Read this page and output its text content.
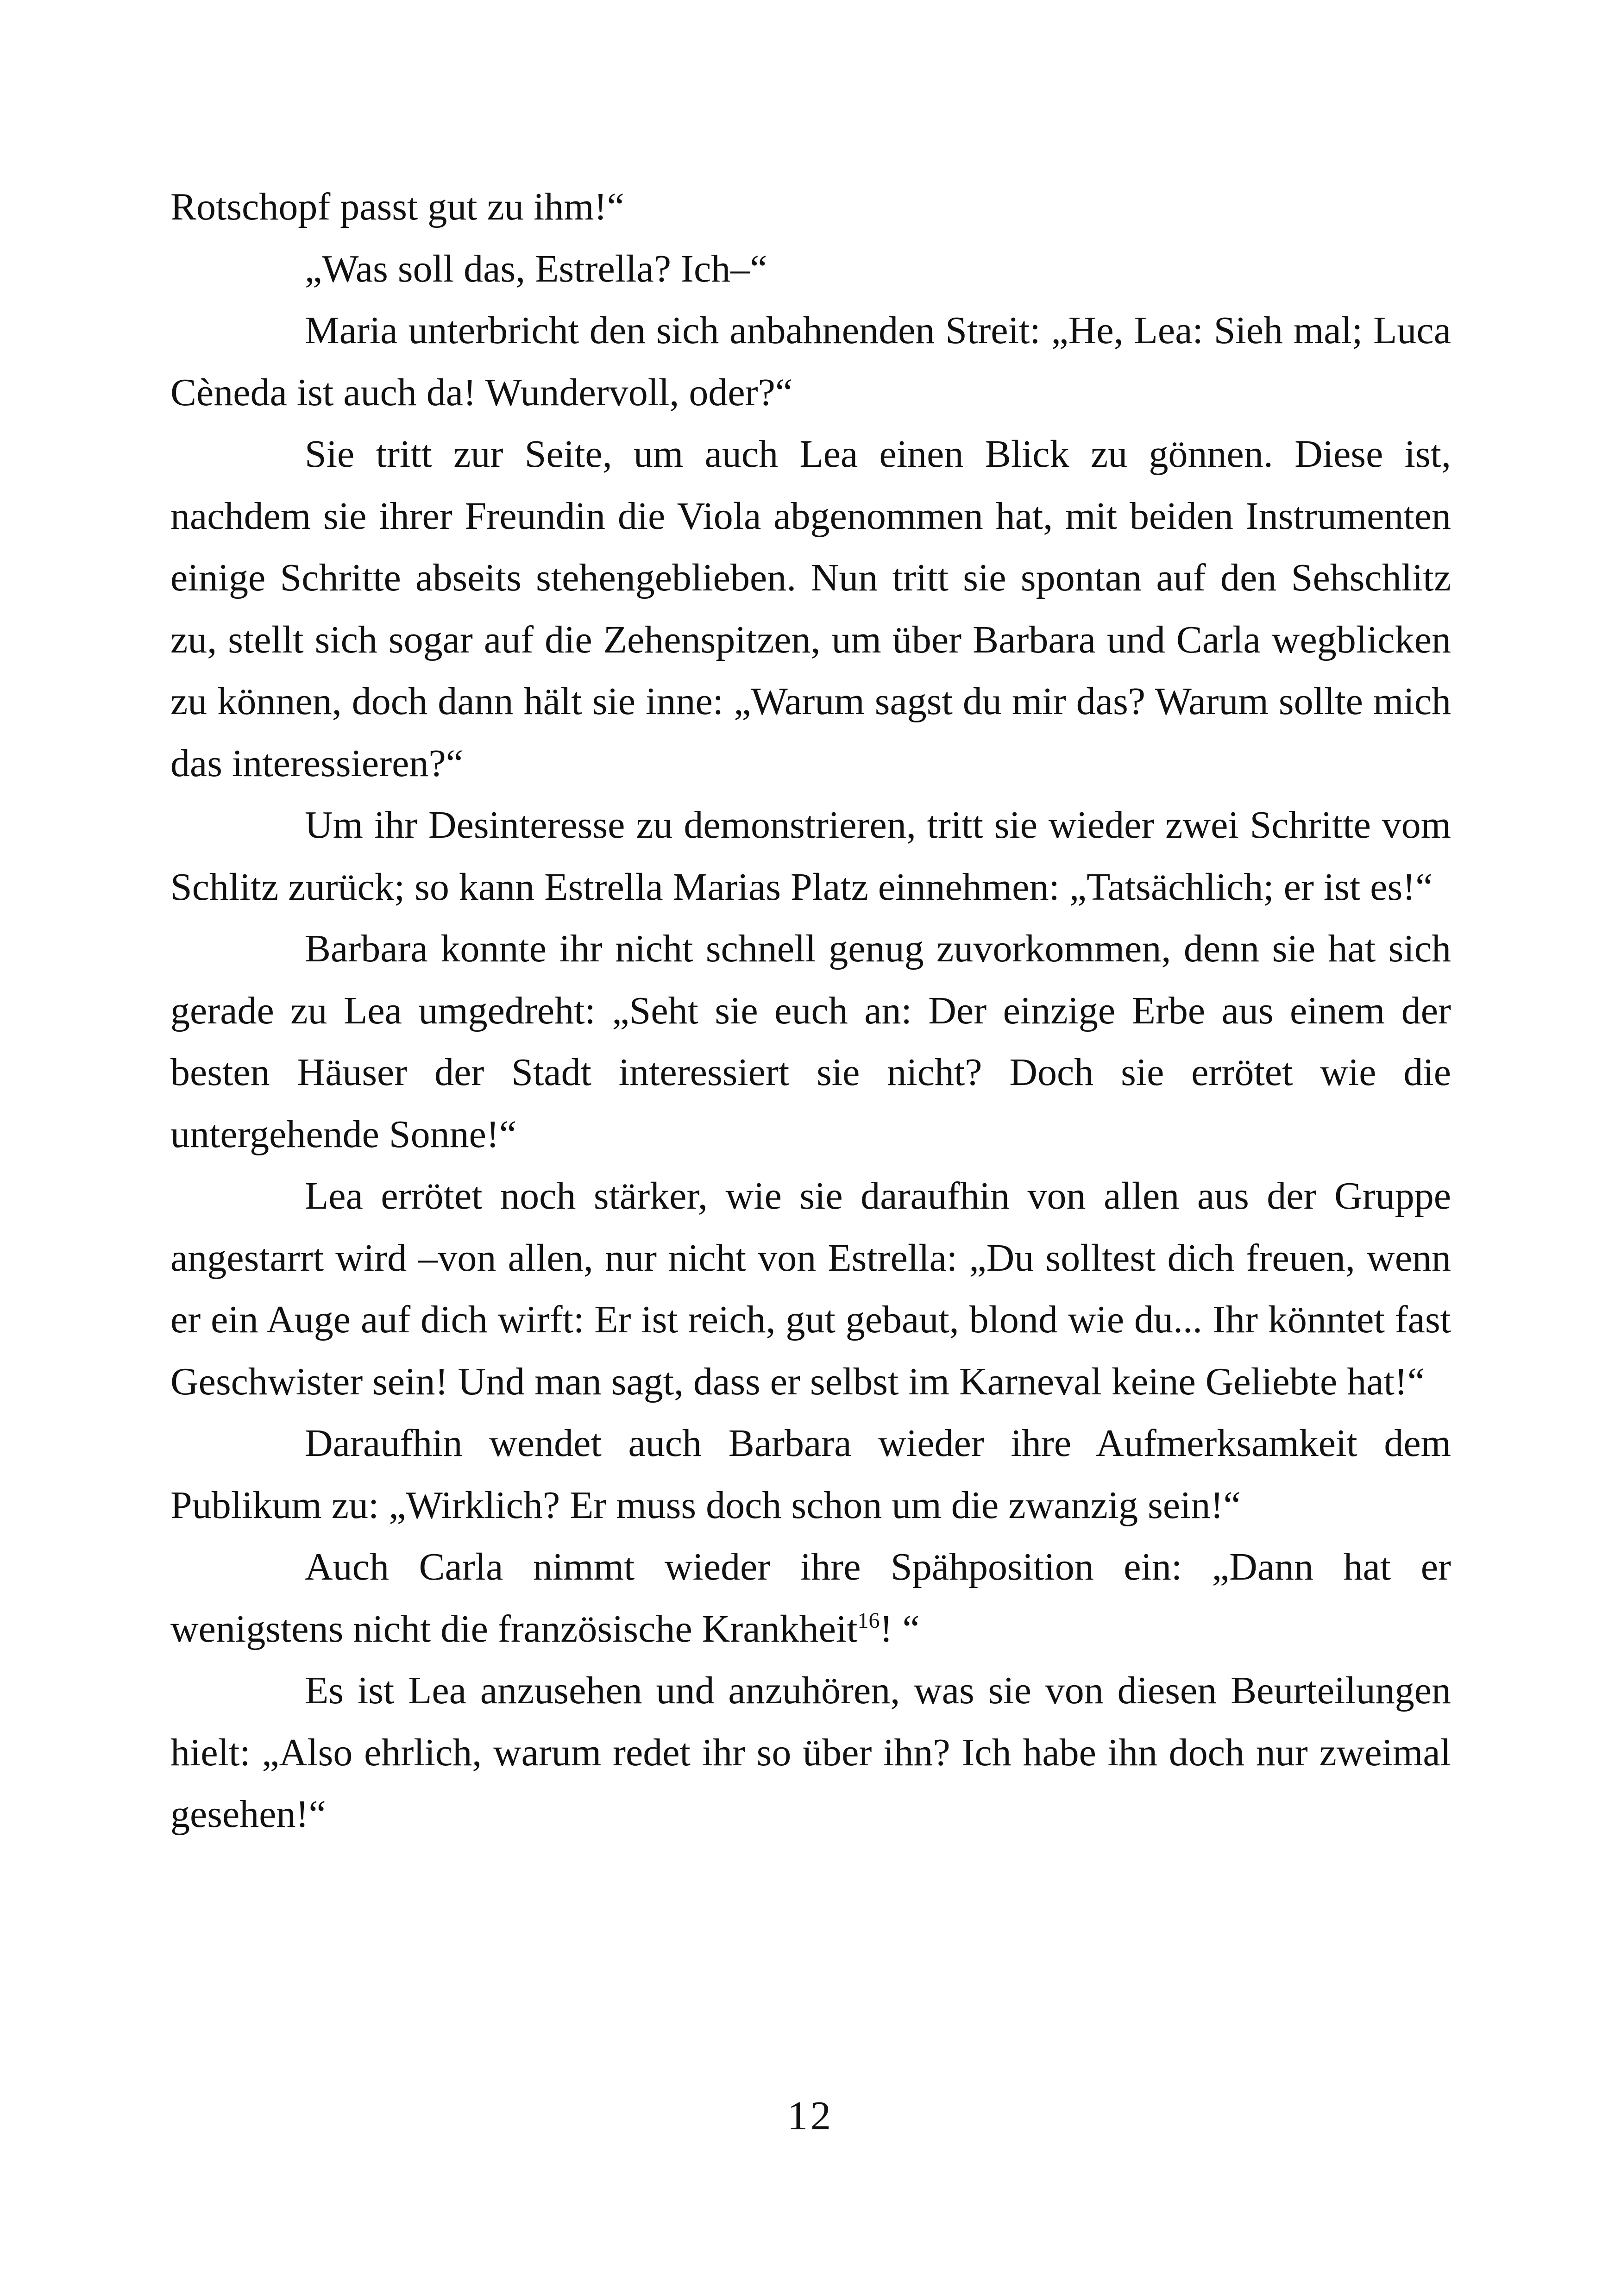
Rotschopf passt gut zu ihm!“

„Was soll das, Estrella? Ich–“

Maria unterbricht den sich anbahnenden Streit: „He, Lea: Sieh mal; Luca Cèneda ist auch da! Wundervoll, oder?“

Sie tritt zur Seite, um auch Lea einen Blick zu gönnen. Diese ist, nachdem sie ihrer Freundin die Viola abgenommen hat, mit beiden Instrumenten einige Schritte abseits stehengeblieben. Nun tritt sie spontan auf den Sehschlitz zu, stellt sich sogar auf die Zehenspitzen, um über Barbara und Carla wegblicken zu können, doch dann hält sie inne: „Warum sagst du mir das? Warum sollte mich das interessieren?“

Um ihr Desinteresse zu demonstrieren, tritt sie wieder zwei Schritte vom Schlitz zurück; so kann Estrella Marias Platz einnehmen: „Tatsächlich; er ist es!“

Barbara konnte ihr nicht schnell genug zuvorkommen, denn sie hat sich gerade zu Lea umgedreht: „Seht sie euch an: Der einzige Erbe aus einem der besten Häuser der Stadt interessiert sie nicht? Doch sie errötet wie die untergehende Sonne!“

Lea errötet noch stärker, wie sie daraufhin von allen aus der Gruppe angestarrt wird –von allen, nur nicht von Estrella: „Du solltest dich freuen, wenn er ein Auge auf dich wirft: Er ist reich, gut gebaut, blond wie du... Ihr könntet fast Geschwister sein! Und man sagt, dass er selbst im Karneval keine Geliebte hat!“

Daraufhin wendet auch Barbara wieder ihre Aufmerksamkeit dem Publikum zu: „Wirklich? Er muss doch schon um die zwanzig sein!“

Auch Carla nimmt wieder ihre Spähposition ein: „Dann hat er wenigstens nicht die französische Krankheit$^{16}$! “

Es ist Lea anzusehen und anzuhören, was sie von diesen Beurteilungen hielt: „Also ehrlich, warum redet ihr so über ihn? Ich habe ihn doch nur zweimal gesehen!“

12
